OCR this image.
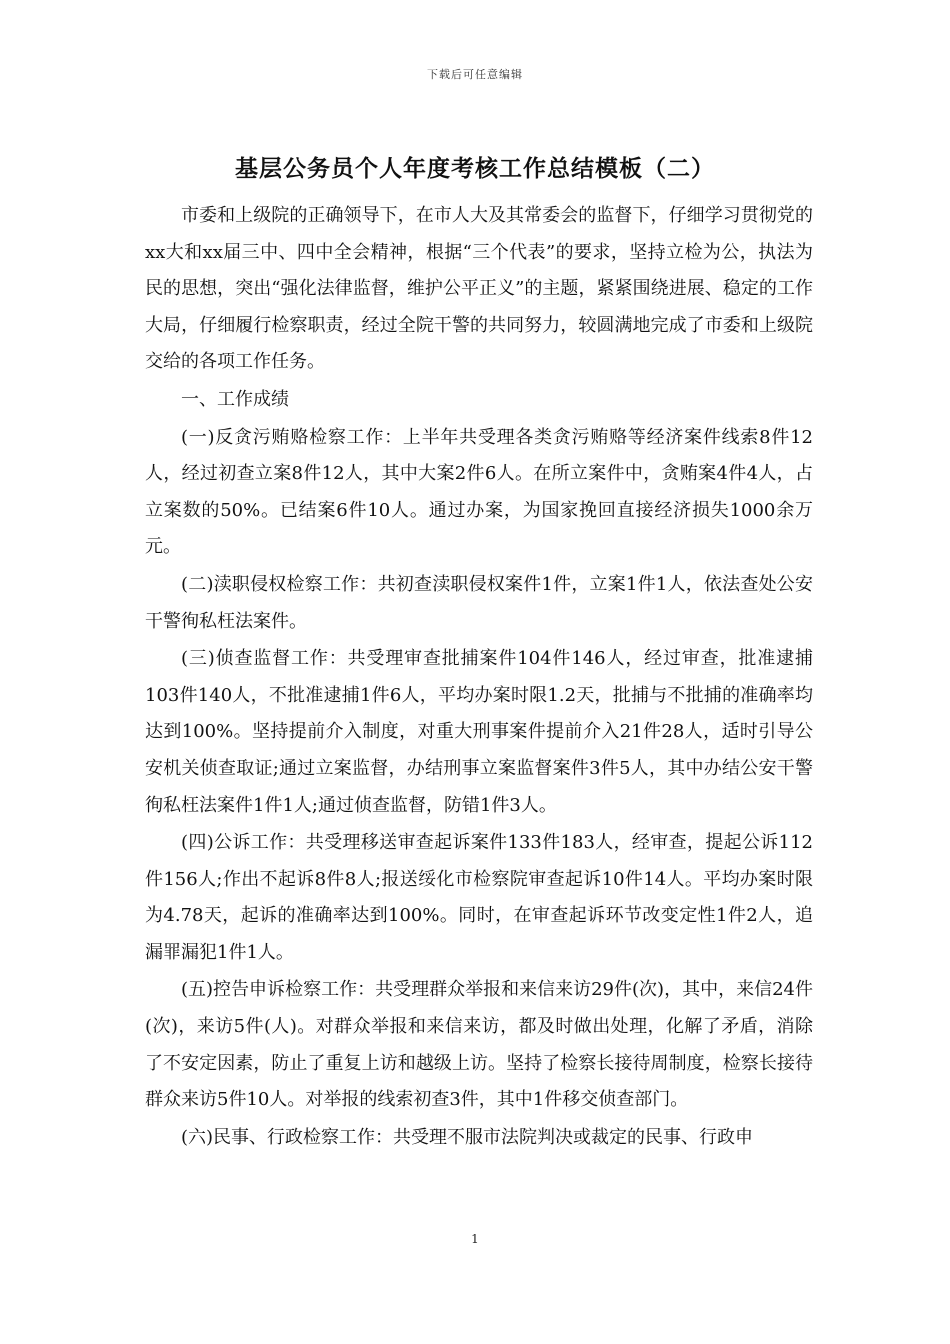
下载后可任意编辑
基层公务员个人年度考核工作总结模板（二）

市委和上级院的正确领导下，在市人大及其常委会的监督下，仔细学习贯彻党的xx大和xx届三中、四中全会精神，根据“三个代表”的要求，坚持立检为公，执法为民的思想，突出“强化法律监督，维护公平正义”的主题，紧紧围绕进展、稳定的工作大局，仔细履行检察职责，经过全院干警的共同努力，较圆满地完成了市委和上级院交给的各项工作任务。

一、工作成绩

(一)反贪污贿赂检察工作：上半年共受理各类贪污贿赂等经济案件线索8件12人，经过初查立案8件12人，其中大案2件6人。在所立案件中，贪贿案4件4人，占立案数的50%。已结案6件10人。通过办案，为国家挽回直接经济损失1000余万元。

(二)渎职侵权检察工作：共初查渎职侵权案件1件，立案1件1人，依法查处公安干警徇私枉法案件。

(三)侦查监督工作：共受理审查批捕案件104件146人，经过审查，批准逮捕103件140人，不批准逮捕1件6人，平均办案时限1.2天，批捕与不批捕的准确率均达到100%。坚持提前介入制度，对重大刑事案件提前介入21件28人，适时引导公安机关侦查取证;通过立案监督，办结刑事立案监督案件3件5人，其中办结公安干警徇私枉法案件1件1人;通过侦查监督，防错1件3人。

(四)公诉工作：共受理移送审查起诉案件133件183人，经审查，提起公诉112件156人;作出不起诉8件8人;报送绥化市检察院审查起诉10件14人。平均办案时限为4.78天，起诉的准确率达到100%。同时，在审查起诉环节改变定性1件2人，追漏罪漏犯1件1人。

(五)控告申诉检察工作：共受理群众举报和来信来访29件(次)，其中，来信24件(次)，来访5件(人)。对群众举报和来信来访，都及时做出处理，化解了矛盾，消除了不安定因素，防止了重复上访和越级上访。坚持了检察长接待周制度，检察长接待群众来访5件10人。对举报的线索初查3件，其中1件移交侦查部门。

(六)民事、行政检察工作：共受理不服市法院判决或裁定的民事、行政申

1
